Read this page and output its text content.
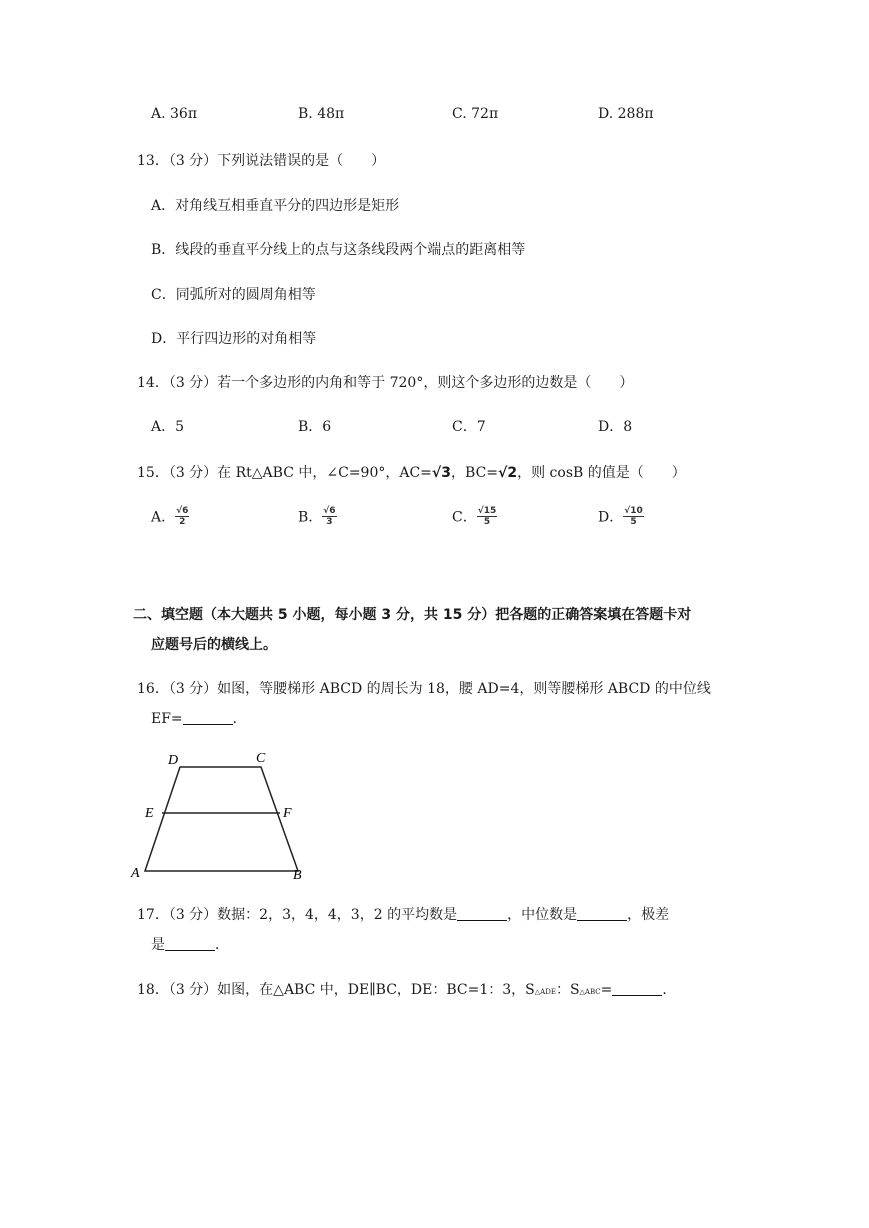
A. 36π	B. 48π	C. 72π	D. 288π
13．（3 分）下列说法错误的是（　　）
A．对角线互相垂直平分的四边形是矩形
B．线段的垂直平分线上的点与这条线段两个端点的距离相等
C．同弧所对的圆周角相等
D．平行四边形的对角相等
14．（3 分）若一个多边形的内角和等于 720°，则这个多边形的边数是（　　）
A．5	B．6	C．7	D．8
15．（3 分）在 Rt△ABC 中，∠C=90°，AC=√3，BC=√2，则 cosB 的值是（　　）
A． $\frac{√6}{2}$	B． $\frac{√6}{3}$	C． $\frac{√15}{5}$	D． $\frac{√10}{5}$
二、填空题（本大题共 5 小题，每小题 3 分，共 15 分）把各题的正确答案填在答题卡对
应题号后的横线上。
16．（3 分）如图，等腰梯形 ABCD 的周长为 18，腰 AD=4，则等腰梯形 ABCD 的中位线
EF=	．
D	C
E	F
A	B
17．（3 分）数据：2，3，4，4，3，2 的平均数是	，中位数是	，极差
是	．
18．（3 分）如图，在△ABC 中，DE∥BC，DE：BC=1：3，S△ADE：S△ABC=	．
